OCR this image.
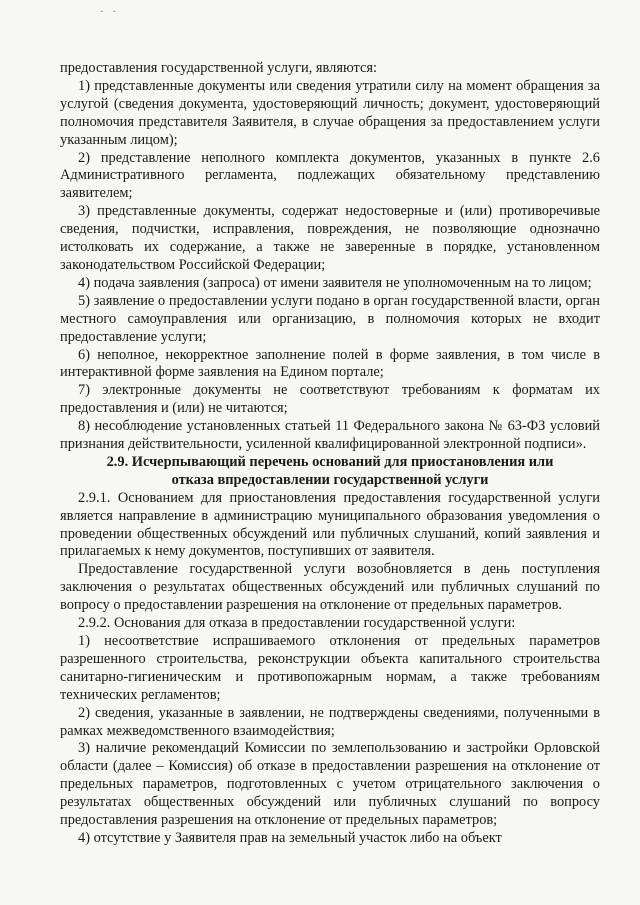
· ·

предоставления государственной услуги, являются:

1) представленные документы или сведения утратили силу на момент обращения за услугой (сведения документа, удостоверяющий личность; документ, удостоверяющий полномочия представителя Заявителя, в случае обращения за предоставлением услуги указанным лицом);

2) представление неполного комплекта документов, указанных в пункте 2.6 Административного регламента, подлежащих обязательному представлению заявителем;

3) представленные документы, содержат недостоверные и (или) противоречивые сведения, подчистки, исправления, повреждения, не позволяющие однозначно истолковать их содержание, а также не заверенные в порядке, установленном законодательством Российской Федерации;

4) подача заявления (запроса) от имени заявителя не уполномоченным на то лицом;

5) заявление о предоставлении услуги подано в орган государственной власти, орган местного самоуправления или организацию, в полномочия которых не входит предоставление услуги;

6) неполное, некорректное заполнение полей в форме заявления, в том числе в интерактивной форме заявления на Едином портале;

7) электронные документы не соответствуют требованиям к форматам их предоставления и (или) не читаются;

8) несоблюдение установленных статьей 11 Федерального закона № 63-ФЗ условий признания действительности, усиленной квалифицированной электронной подписи».

2.9. Исчерпывающий перечень оснований для приостановления или отказа впредоставлении государственной услуги

2.9.1. Основанием для приостановления предоставления государственной услуги является направление в администрацию муниципального образования уведомления о проведении общественных обсуждений или публичных слушаний, копий заявления и прилагаемых к нему документов, поступивших от заявителя.

Предоставление государственной услуги возобновляется в день поступления заключения о результатах общественных обсуждений или публичных слушаний по вопросу о предоставлении разрешения на отклонение от предельных параметров.

2.9.2. Основания для отказа в предоставлении государственной услуги:

1) несоответствие испрашиваемого отклонения от предельных параметров разрешенного строительства, реконструкции объекта капитального строительства санитарно-гигиеническим и противопожарным нормам, а также требованиям технических регламентов;

2) сведения, указанные в заявлении, не подтверждены сведениями, полученными в рамках межведомственного взаимодействия;

3) наличие рекомендаций Комиссии по землепользованию и застройки Орловской области (далее – Комиссия) об отказе в предоставлении разрешения на отклонение от предельных параметров, подготовленных с учетом отрицательного заключения о результатах общественных обсуждений или публичных слушаний по вопросу предоставления разрешения на отклонение от предельных параметров;

4) отсутствие у Заявителя прав на земельный участок либо на объект
